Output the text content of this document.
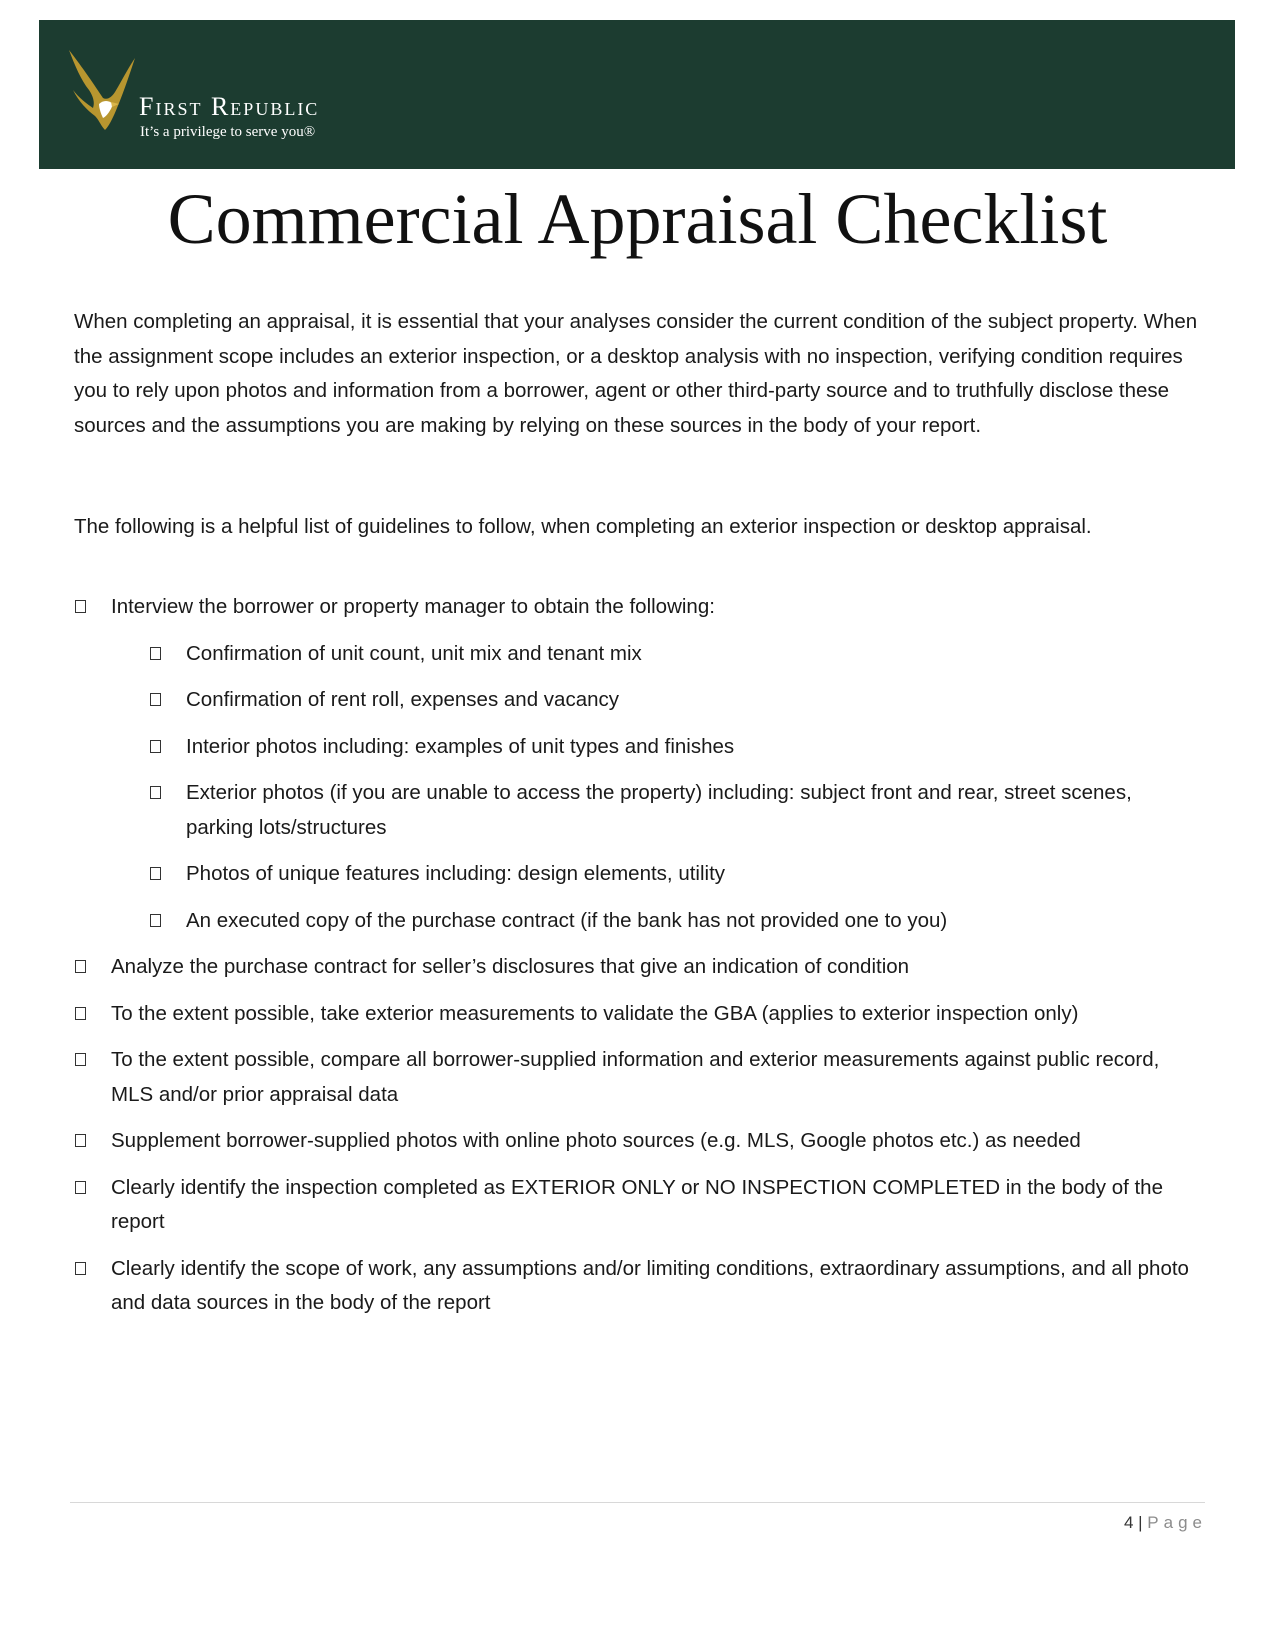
First Republic
It’s a privilege to serve you®
Commercial Appraisal Checklist

When completing an appraisal, it is essential that your analyses consider the current condition of the subject property. When the assignment scope includes an exterior inspection, or a desktop analysis with no inspection, verifying condition requires you to rely upon photos and information from a borrower, agent or other third-party source and to truthfully disclose these sources and the assumptions you are making by relying on these sources in the body of your report.

The following is a helpful list of guidelines to follow, when completing an exterior inspection or desktop appraisal.

Interview the borrower or property manager to obtain the following:
Confirmation of unit count, unit mix and tenant mix
Confirmation of rent roll, expenses and vacancy
Interior photos including: examples of unit types and finishes
Exterior photos (if you are unable to access the property) including: subject front and rear, street scenes, parking lots/structures
Photos of unique features including: design elements, utility
An executed copy of the purchase contract (if the bank has not provided one to you)
Analyze the purchase contract for seller’s disclosures that give an indication of condition
To the extent possible, take exterior measurements to validate the GBA (applies to exterior inspection only)
To the extent possible, compare all borrower-supplied information and exterior measurements against public record, MLS and/or prior appraisal data
Supplement borrower-supplied photos with online photo sources (e.g. MLS, Google photos etc.) as needed
Clearly identify the inspection completed as EXTERIOR ONLY or NO INSPECTION COMPLETED in the body of the report
Clearly identify the scope of work, any assumptions and/or limiting conditions, extraordinary assumptions, and all photo and data sources in the body of the report
4 | Page
